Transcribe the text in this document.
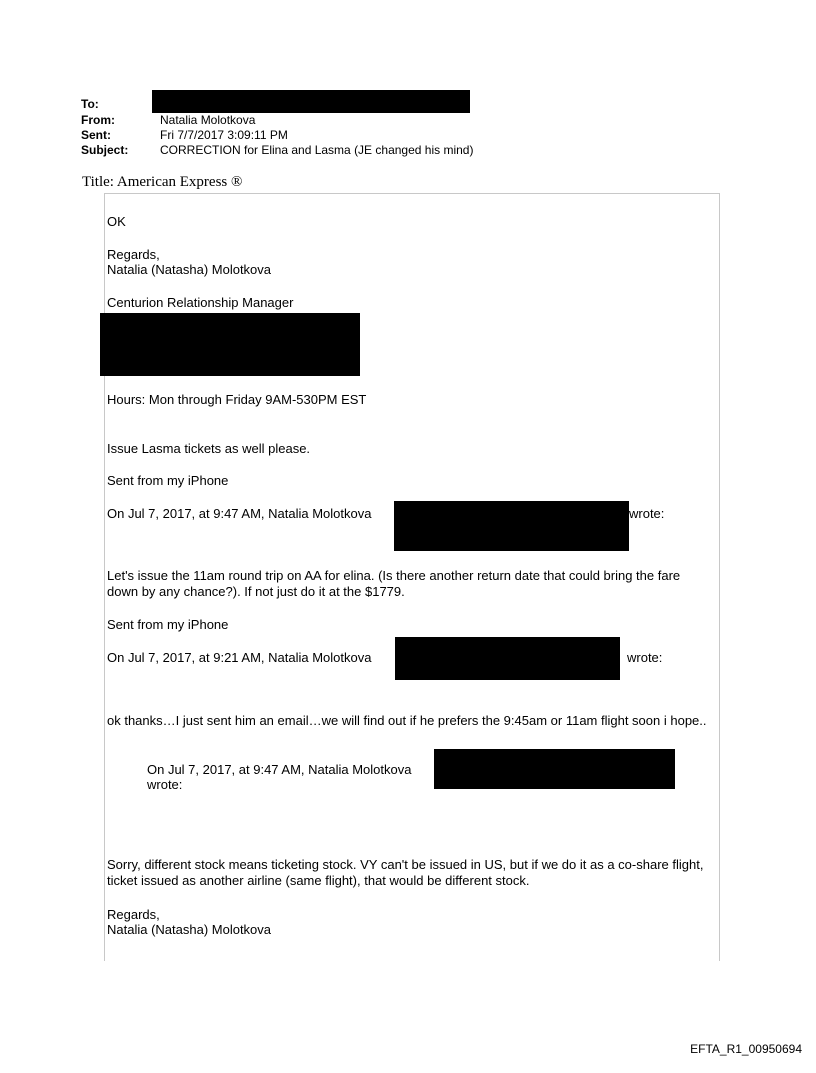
To:
From:	Natalia Molotkova
Sent:	Fri 7/7/2017 3:09:11 PM
Subject:	CORRECTION for Elina and Lasma (JE changed his mind)
Title: American Express ®
OK
Regards,
Natalia (Natasha) Molotkova
Centurion Relationship Manager
Hours: Mon through Friday 9AM-530PM EST
Issue Lasma tickets as well please.
Sent from my iPhone
On Jul 7, 2017, at 9:47 AM, Natalia Molotkova	wrote:
Let's issue the 11am round trip on AA for elina. (Is there another return date that could bring the fare down by any chance?). If not just do it at the $1779.
Sent from my iPhone
On Jul 7, 2017, at 9:21 AM, Natalia Molotkova	wrote:
ok thanks…I just sent him an email…we will find out if he prefers the 9:45am or 11am flight soon i hope..
On Jul 7, 2017, at 9:47 AM, Natalia Molotkova
wrote:
Sorry, different stock means ticketing stock. VY can't be issued in US, but if we do it as a co-share flight, ticket issued as another airline (same flight), that would be different stock.
Regards,
Natalia (Natasha) Molotkova
EFTA_R1_00950694
